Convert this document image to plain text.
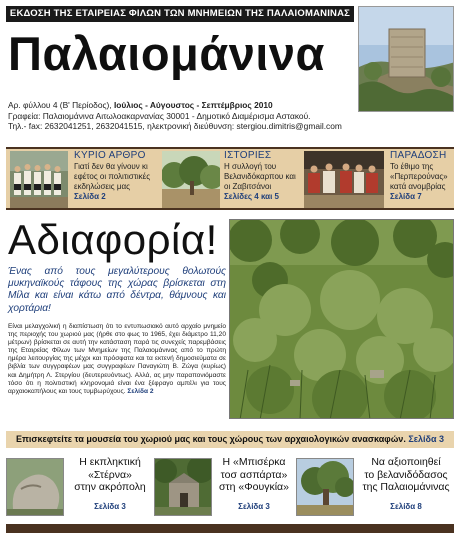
ΕΚΔΟΣΗ ΤΗΣ ΕΤΑΙΡΕΙΑΣ ΦΙΛΩΝ ΤΩΝ ΜΝΗΜΕΙΩΝ ΤΗΣ ΠΑΛΑΙΟΜΑΝΙΝΑΣ
Παλαιομάνινα
Αρ. φύλλου 4 (Β' Περίοδος), Ιούλιος - Αύγουστος - Σεπτέμβριος 2010
Γραφεία: Παλαιομάνινα Αιτωλοακαρνανίας 30001 - Δημοτικό Διαμέρισμα Αστακού.
Τηλ.- fax: 2632041251, 2632041515, ηλεκτρονική διεύθυνση: stergiou.dimitris@gmail.com
ΚΥΡΙΟ ΑΡΘΡΟ
Γιατί δεν θα γίνουν κι εφέτος οι πολιτιστικές εκδηλώσεις μας
Σελίδα 2
ΙΣΤΟΡΙΕΣ
Η συλλογή του Βελανιδόκαρπου και οι Ζαβιτσάνοι
Σελίδες 4 και 5
ΠΑΡΑΔΟΣΗ
Το έθιμο της «Περπερούνας» κατά ανομβρίας
Σελίδα 7
Αδιαφορία!
Ένας από τους μεγαλύτερους θολωτούς μυκηναϊκούς τάφους της χώρας βρίσκεται στη Μίλα και είναι κάτω από δέντρα, θάμνους και χορτάρια!
Είναι μελαγχολική η διαπίστωση ότι το εντυπωσιακό αυτό αρχαίο μνημείο της περιοχής του χωριού μας (ήρθε στο φως το 1965, έχει διάμετρο 11,20 μέτρων) βρίσκεται σε αυτή την κατάσταση παρά τις συνεχείς παρεμβάσεις της Εταιρείας Φίλων των Μνημείων της Παλαιομάνινας από το πρώτη ημέρα λειτουργίας της μέχρι και πρόσφατα και τα εκτενή δημοσιεύματα σε βιβλία των συγγραφέων μας συγγραφέων Παναγιώτη Β. Ζώγα (κυρίως) και Δημήτρη Λ. Στεργίου (δευτερευόντως). Αλλά, ας μην παραπονιόμαστε τόσο ότι η πολιτιστική κληρονομιά είναι ένα ξέφραγο αμπέλι για τους αρχαιοκαπήλους και τους τυμβωρύχους. Σελίδα 2
Επισκεφτείτε τα μουσεία του χωριού μας και τους χώρους των αρχαιολογικών ανασκαφών. Σελίδα 3
Η εκπληκτική
«Στέρνα»
στην ακρόπολη
Σελίδα 3
Η «Μπισέρκα
τοσ ασπάρτα»
στη «Φουγκία»
Σελίδα 3
Να αξιοποιηθεί
το βελανιδόδασος
της Παλαιομάνινας
Σελίδα 8
